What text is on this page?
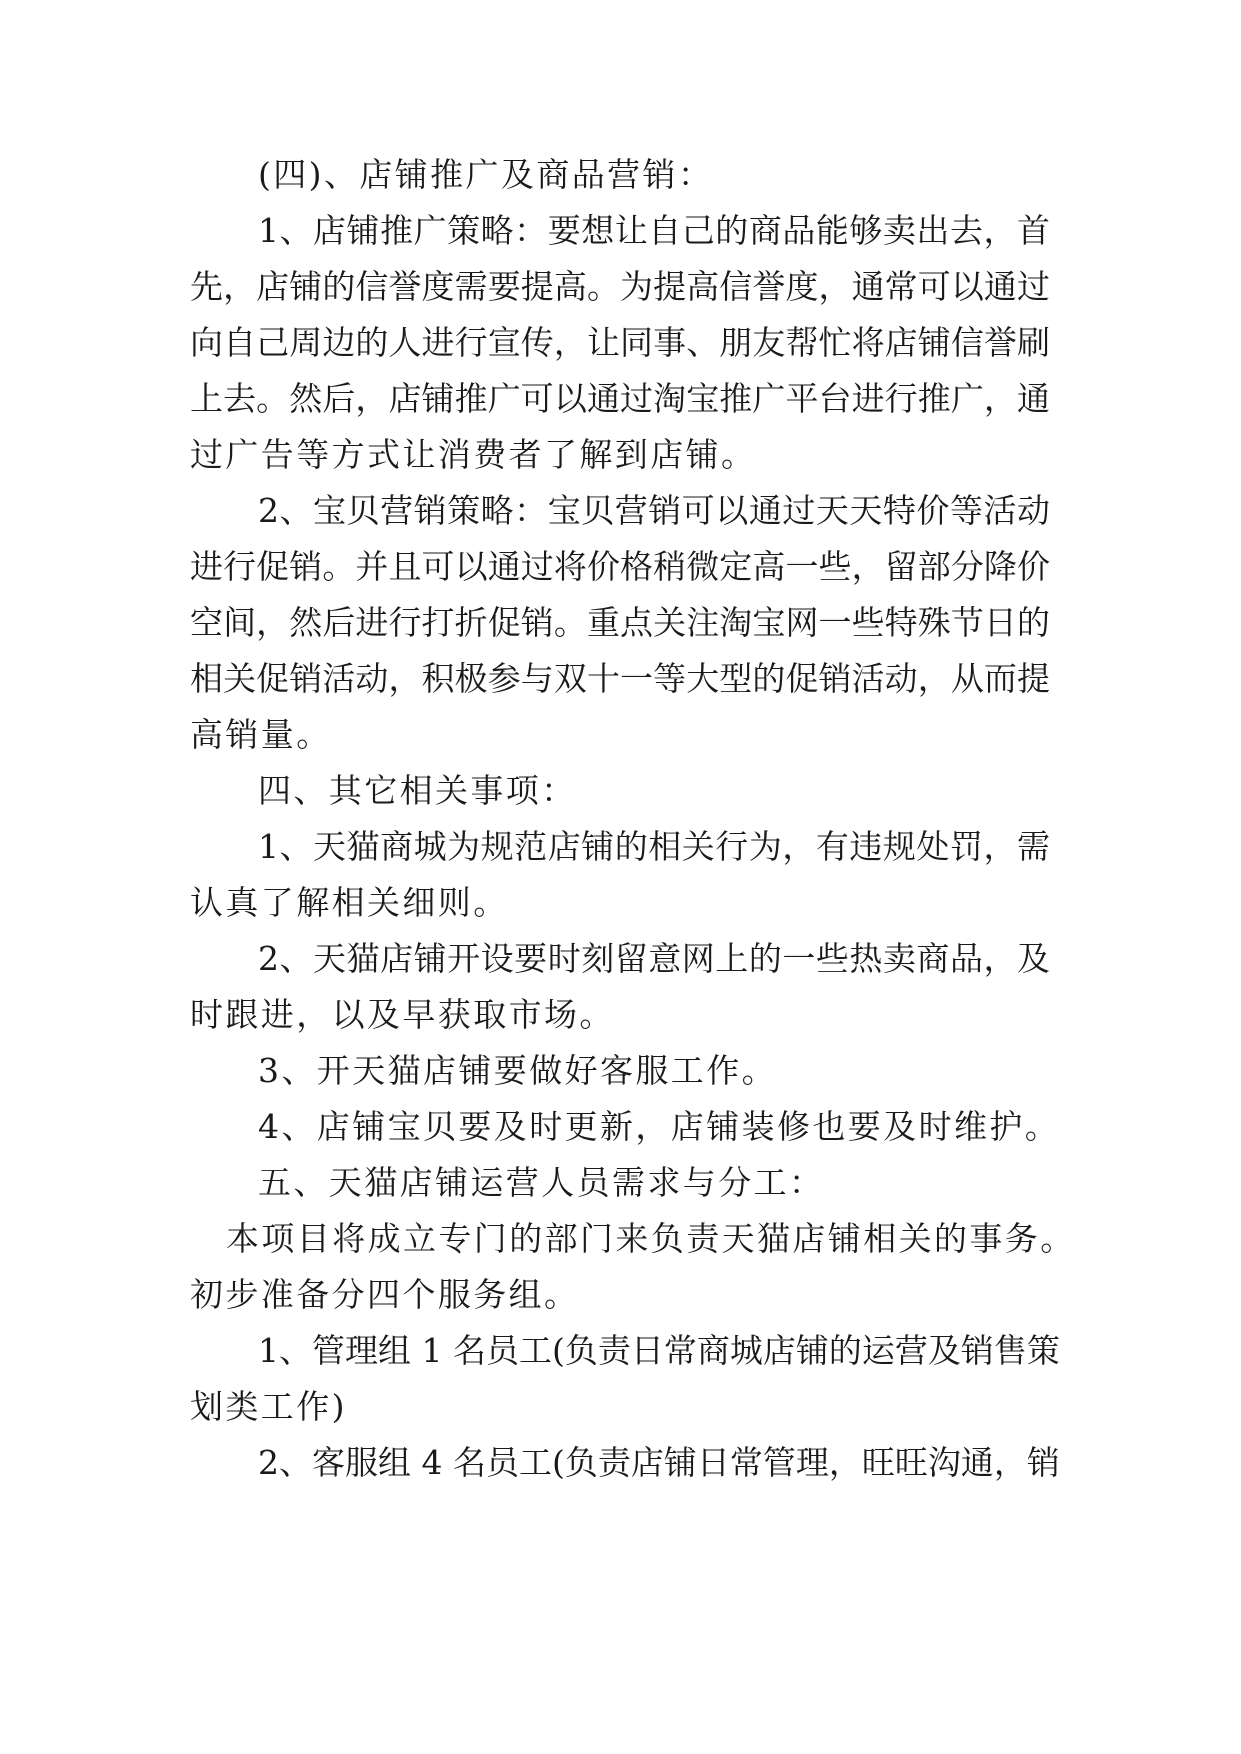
(四)、店铺推广及商品营销：
1、店铺推广策略：要想让自己的商品能够卖出去，首
先，店铺的信誉度需要提高。为提高信誉度，通常可以通过
向自己周边的人进行宣传，让同事、朋友帮忙将店铺信誉刷
上去。然后，店铺推广可以通过淘宝推广平台进行推广，通
过广告等方式让消费者了解到店铺。
2、宝贝营销策略：宝贝营销可以通过天天特价等活动
进行促销。并且可以通过将价格稍微定高一些，留部分降价
空间，然后进行打折促销。重点关注淘宝网一些特殊节日的
相关促销活动，积极参与双十一等大型的促销活动，从而提
高销量。
四、其它相关事项：
1、天猫商城为规范店铺的相关行为，有违规处罚，需
认真了解相关细则。
2、天猫店铺开设要时刻留意网上的一些热卖商品，及
时跟进，以及早获取市场。
3、开天猫店铺要做好客服工作。
4、店铺宝贝要及时更新，店铺装修也要及时维护。
五、天猫店铺运营人员需求与分工：
本项目将成立专门的部门来负责天猫店铺相关的事务。
初步准备分四个服务组。
1、管理组 1 名员工(负责日常商城店铺的运营及销售策
划类工作)
2、客服组 4 名员工(负责店铺日常管理，旺旺沟通，销
